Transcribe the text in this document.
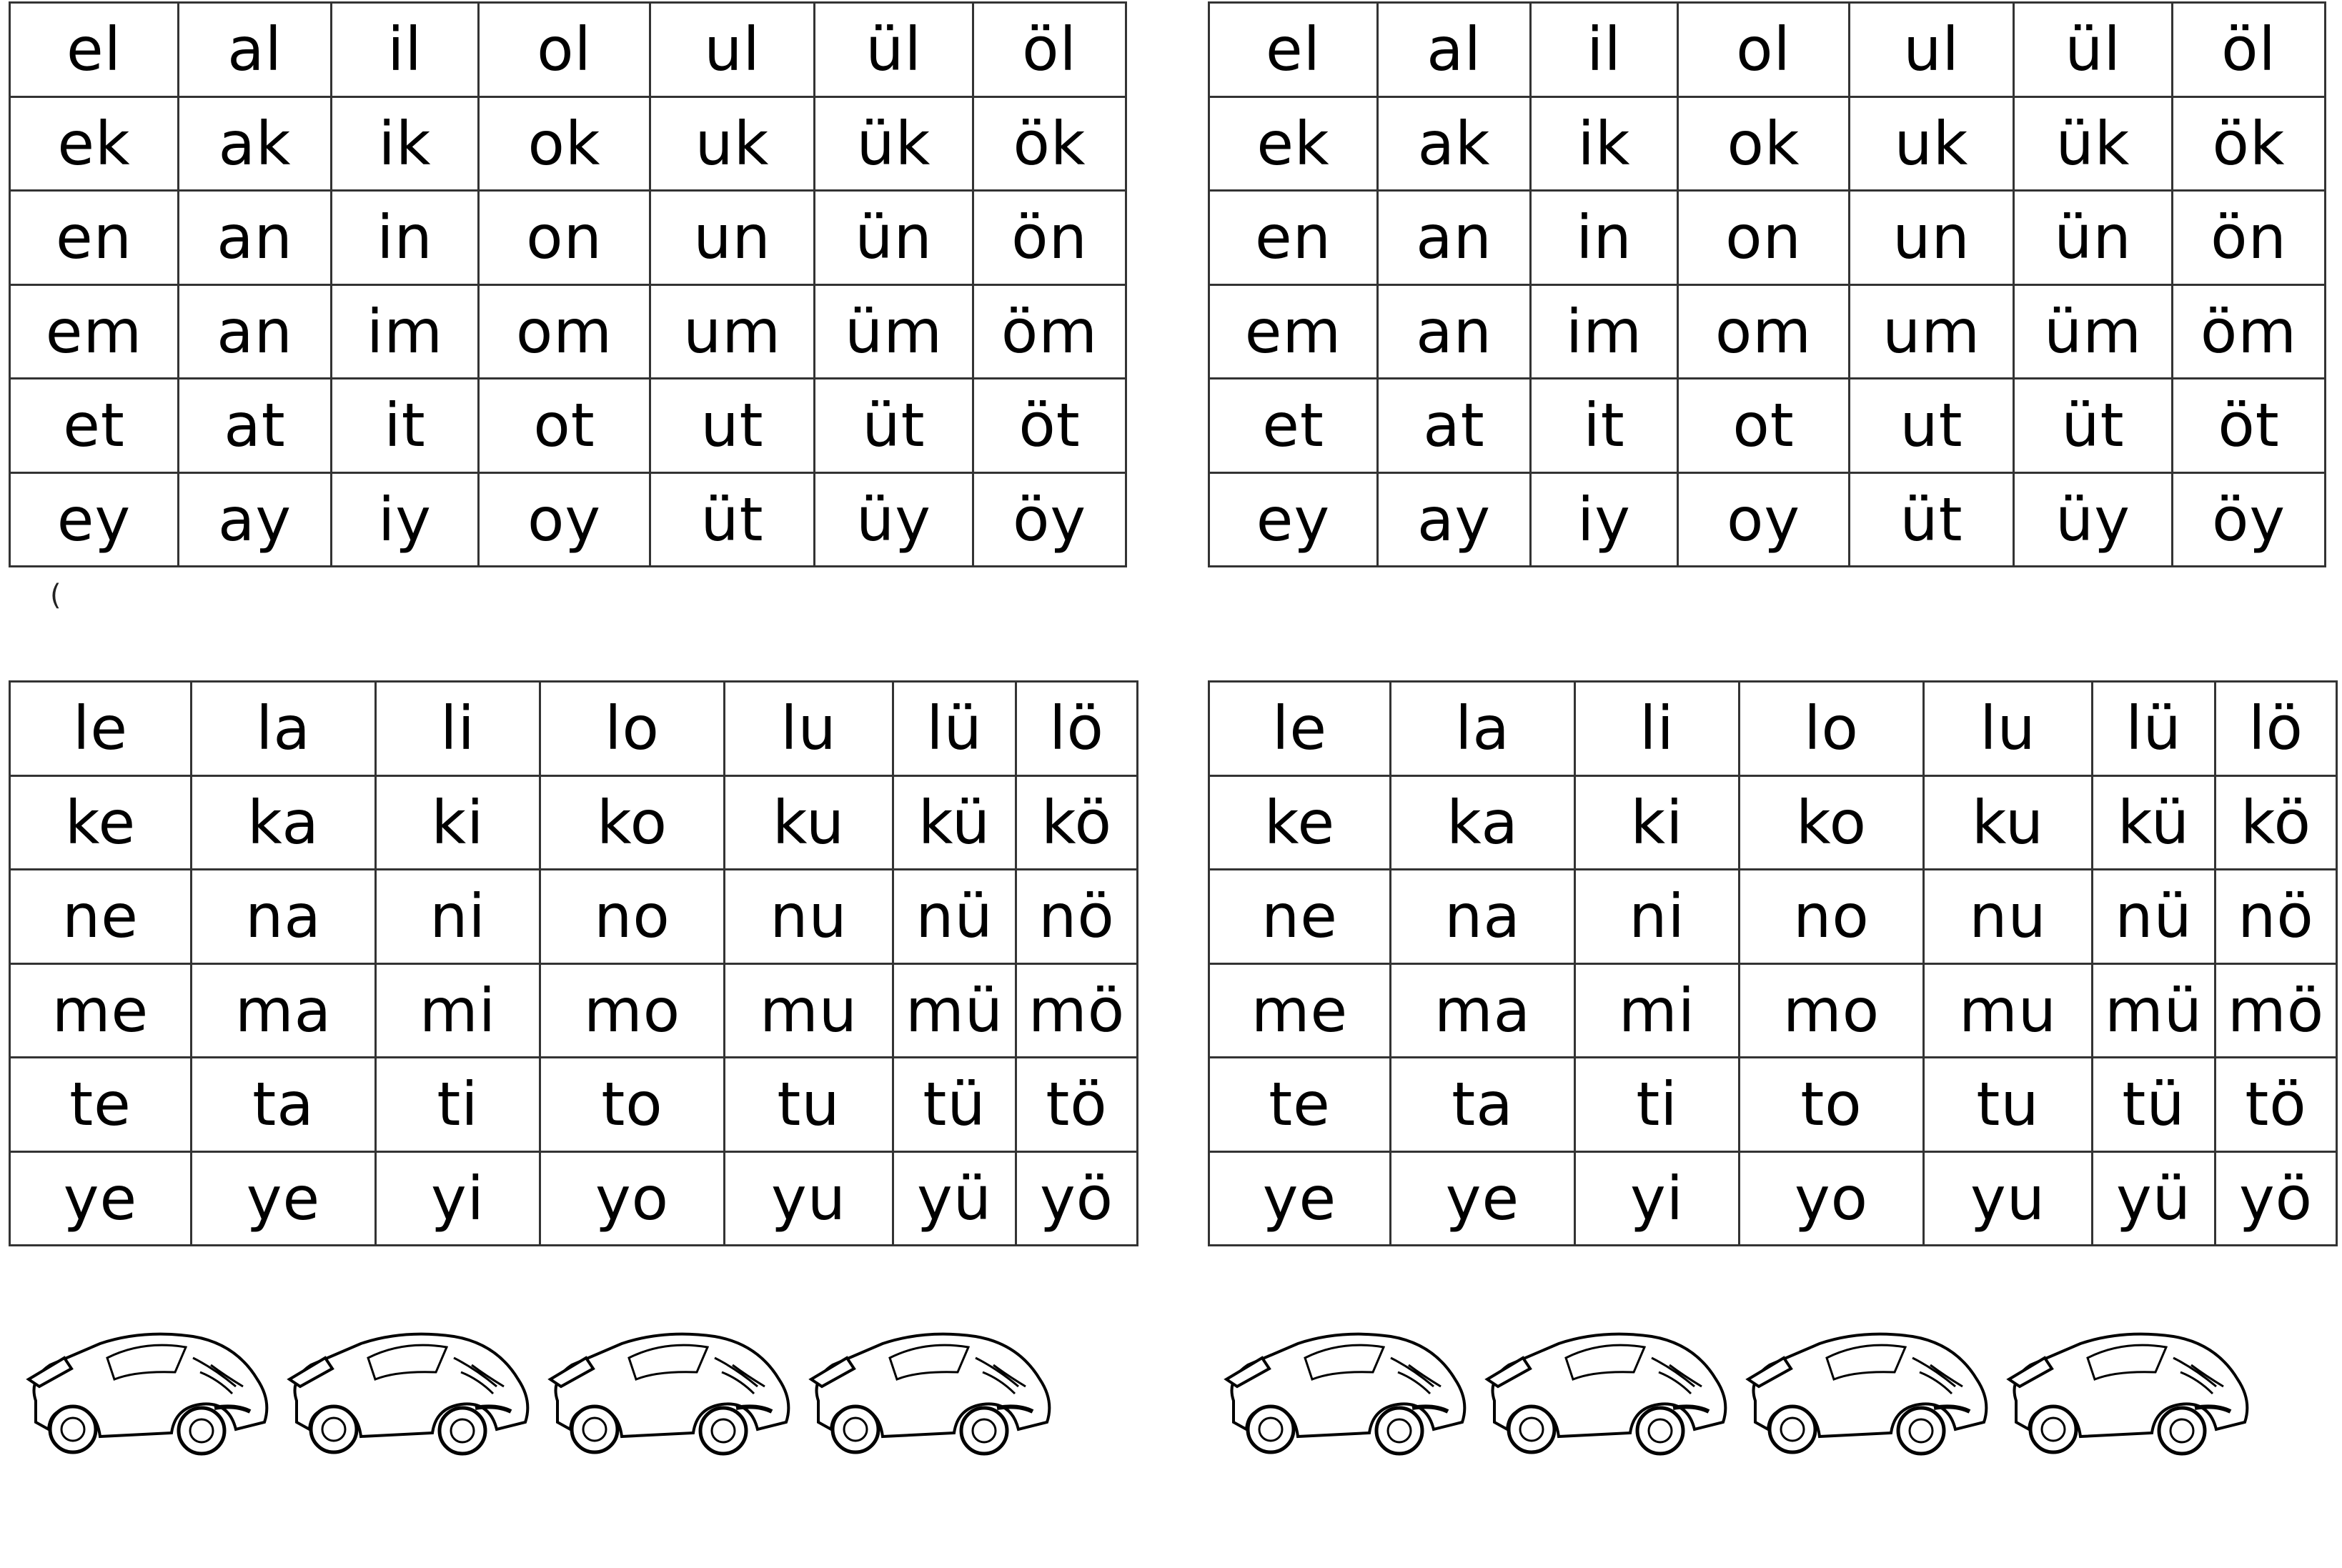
el	al	il	ol	ul	ül	öl
ek	ak	ik	ok	uk	ük	ök
en	an	in	on	un	ün	ön
em	an	im	om	um	üm	öm
et	at	it	ot	ut	üt	öt
ey	ay	iy	oy	üt	üy	öy
el	al	il	ol	ul	ül	öl
ek	ak	ik	ok	uk	ük	ök
en	an	in	on	un	ün	ön
em	an	im	om	um	üm	öm
et	at	it	ot	ut	üt	öt
ey	ay	iy	oy	üt	üy	öy
(
le	la	li	lo	lu	lü	lö
ke	ka	ki	ko	ku	kü	kö
ne	na	ni	no	nu	nü	nö
me	ma	mi	mo	mu	mü	mö
te	ta	ti	to	tu	tü	tö
ye	ye	yi	yo	yu	yü	yö
le	la	li	lo	lu	lü	lö
ke	ka	ki	ko	ku	kü	kö
ne	na	ni	no	nu	nü	nö
me	ma	mi	mo	mu	mü	mö
te	ta	ti	to	tu	tü	tö
ye	ye	yi	yo	yu	yü	yö
